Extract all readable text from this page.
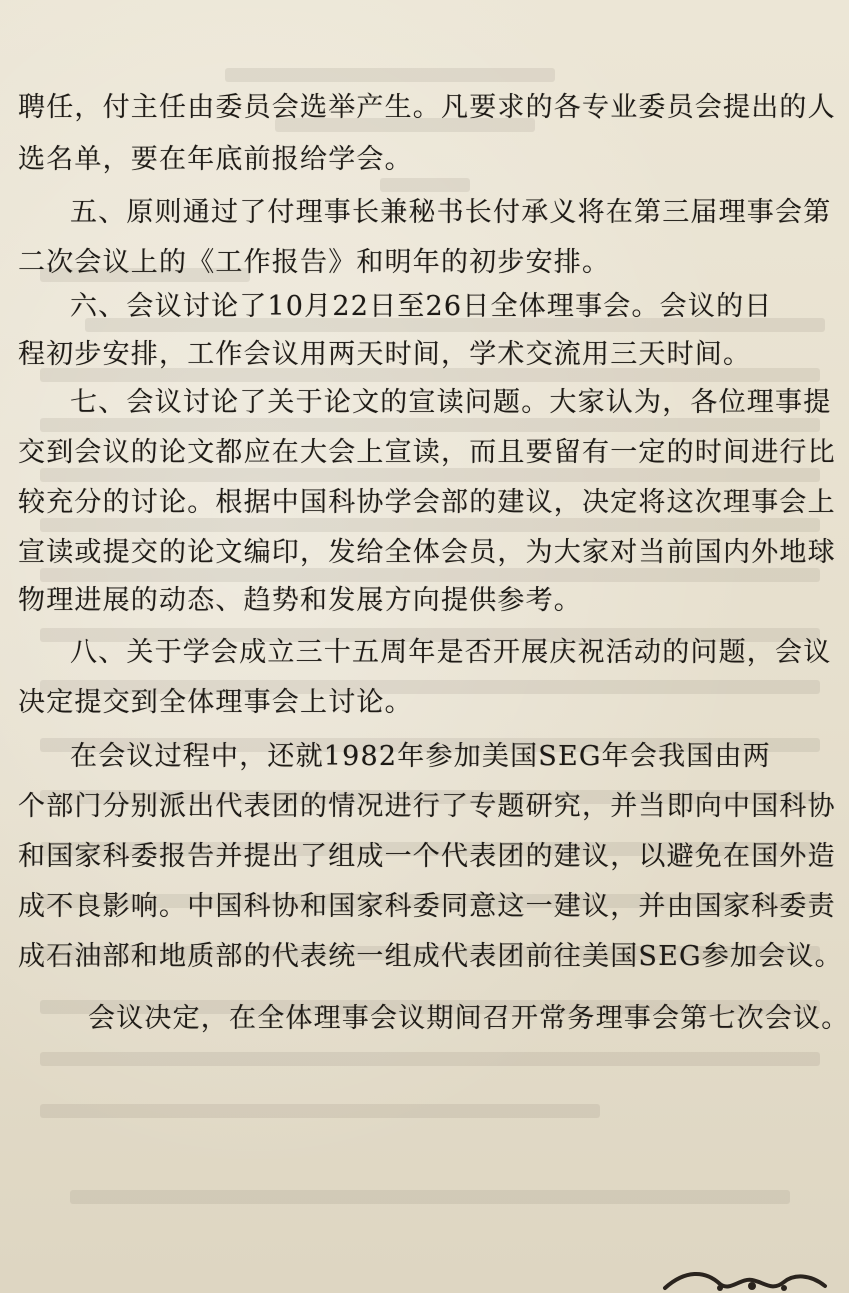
聘任，付主任由委员会选举产生。凡要求的各专业委员会提出的人
选名单，要在年底前报给学会。
五、原则通过了付理事长兼秘书长付承义将在第三届理事会第
二次会议上的《工作报告》和明年的初步安排。
六、会议讨论了10月22日至26日全体理事会。会议的日
程初步安排，工作会议用两天时间，学术交流用三天时间。
七、会议讨论了关于论文的宣读问题。大家认为，各位理事提
交到会议的论文都应在大会上宣读，而且要留有一定的时间进行比
较充分的讨论。根据中国科协学会部的建议，决定将这次理事会上
宣读或提交的论文编印，发给全体会员，为大家对当前国内外地球
物理进展的动态、趋势和发展方向提供参考。
八、关于学会成立三十五周年是否开展庆祝活动的问题，会议
决定提交到全体理事会上讨论。
在会议过程中，还就1982年参加美国SEG年会我国由两
个部门分别派出代表团的情况进行了专题研究，并当即向中国科协
和国家科委报告并提出了组成一个代表团的建议，以避免在国外造
成不良影响。中国科协和国家科委同意这一建议，并由国家科委责
成石油部和地质部的代表统一组成代表团前往美国SEG参加会议。
会议决定，在全体理事会议期间召开常务理事会第七次会议。
